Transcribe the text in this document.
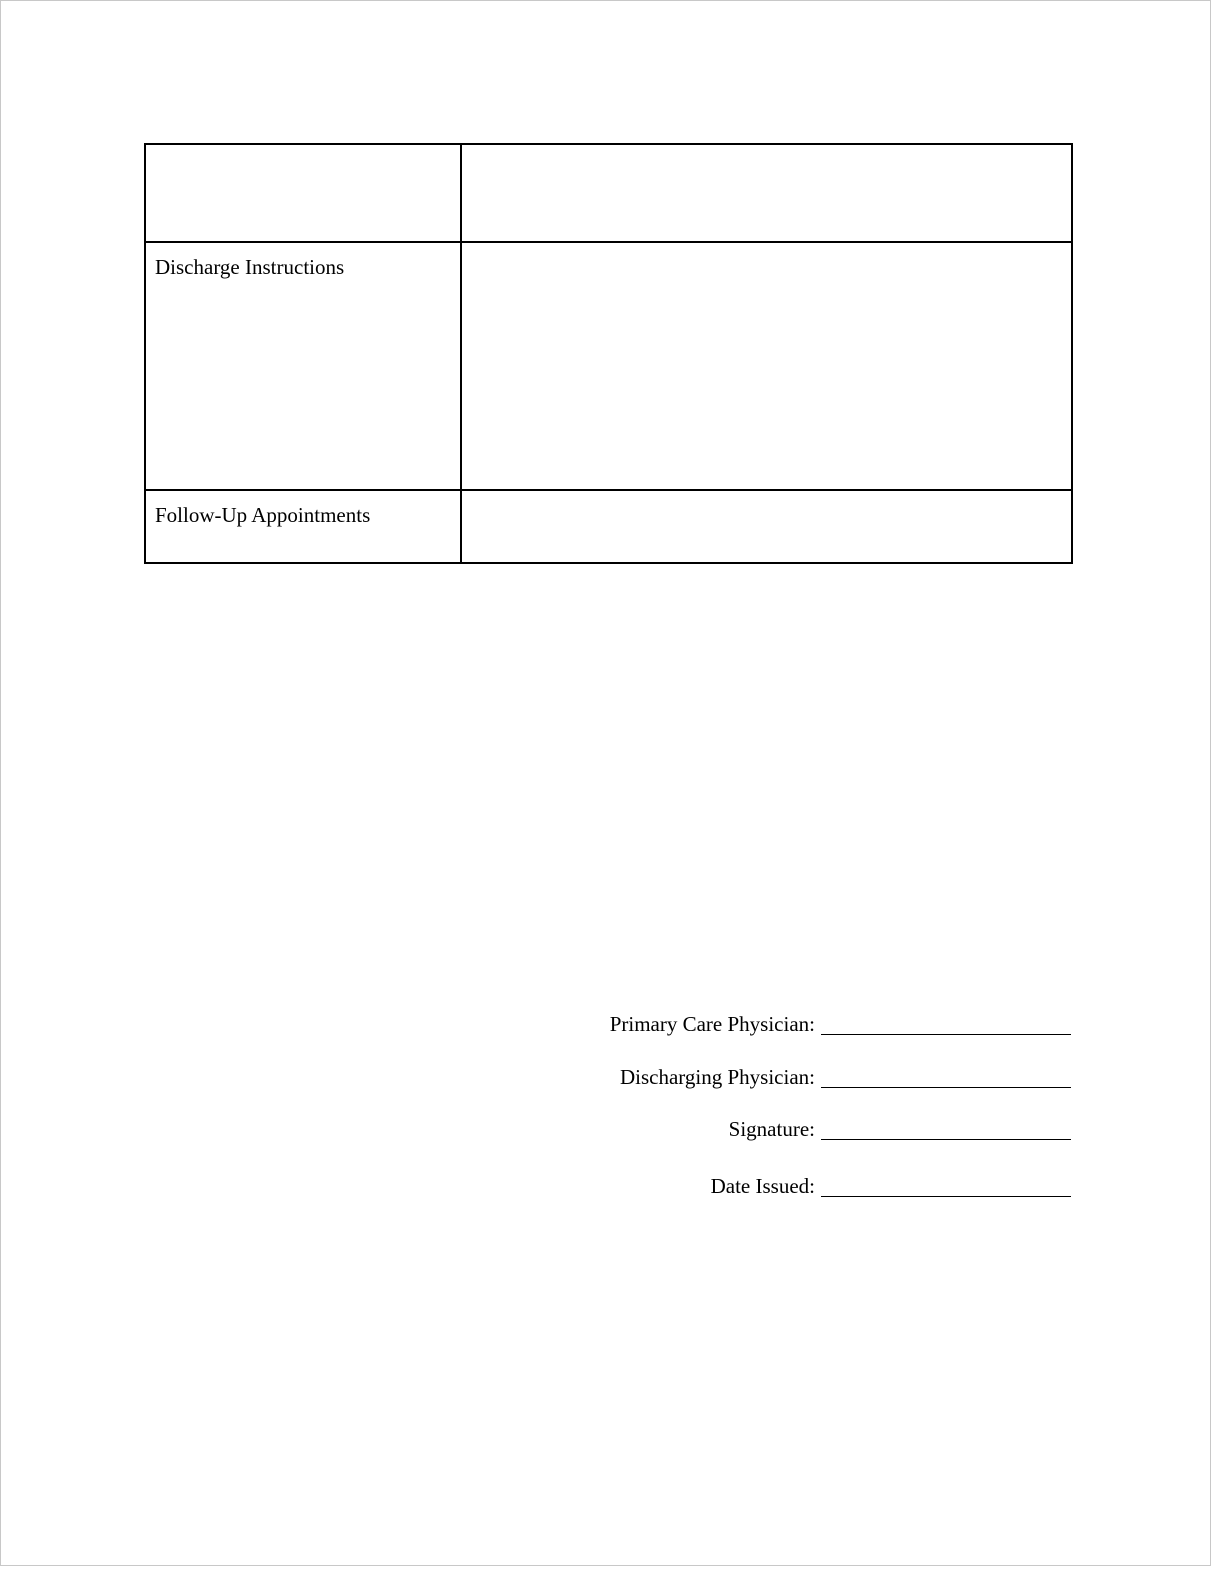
Discharge Instructions	
Follow-Up Appointments	
Primary Care Physician:
Discharging Physician:
Signature:
Date Issued:
